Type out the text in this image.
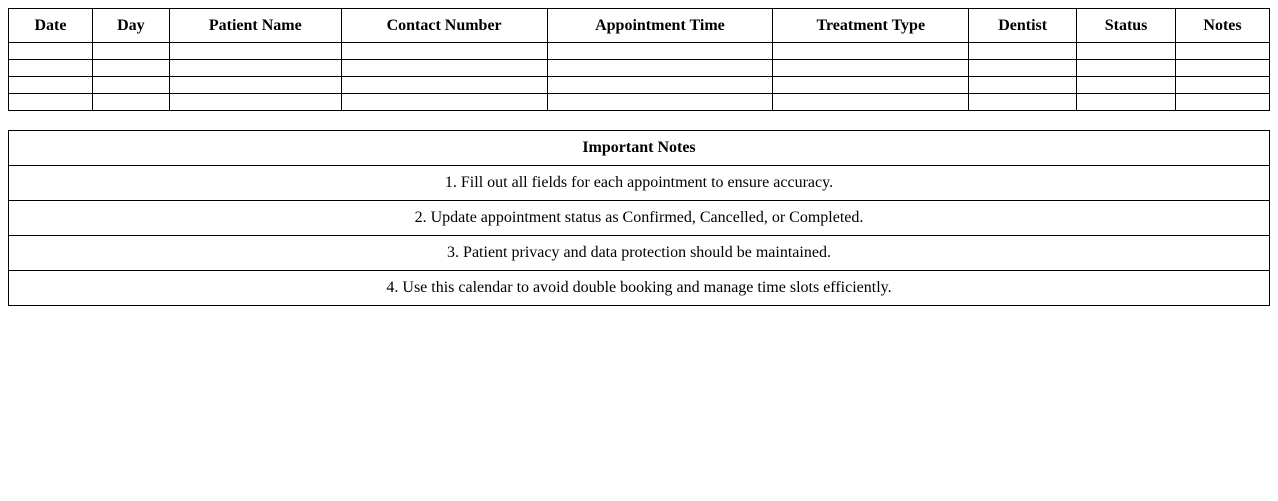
Date	Day	Patient Name	Contact Number	Appointment Time	Treatment Type	Dentist	Status	Notes

Important Notes
1. Fill out all fields for each appointment to ensure accuracy.
2. Update appointment status as Confirmed, Cancelled, or Completed.
3. Patient privacy and data protection should be maintained.
4. Use this calendar to avoid double booking and manage time slots efficiently.
